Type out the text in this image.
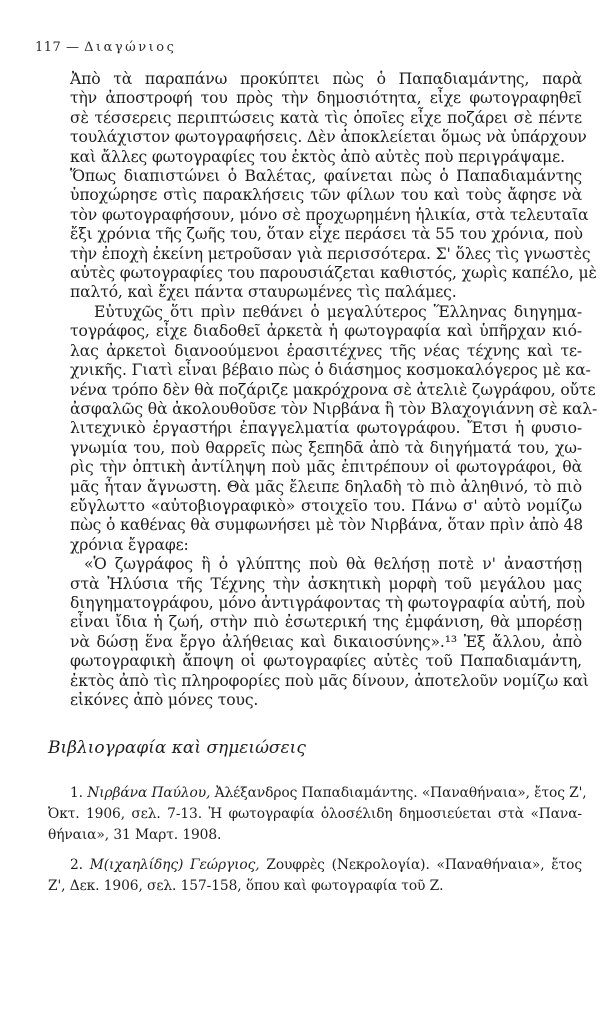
117 — Διαγώνιος
Ἀπὸ τὰ παραπάνω προκύπτει πὼς ὁ Παπαδιαμάντης, παρὰ
τὴν ἀποστροφή του πρὸς τὴν δημοσιότητα, εἶχε φωτογραφηθεῖ
σὲ τέσσερεις περιπτώσεις κατὰ τὶς ὁποῖες εἶχε ποζάρει σὲ πέντε
τουλάχιστον φωτογραφήσεις. Δὲν ἀποκλείεται ὅμως νὰ ὑπάρχουν
καὶ ἄλλες φωτογραφίες του ἐκτὸς ἀπὸ αὐτὲς ποὺ περιγράψαμε.
Ὅπως διαπιστώνει ὁ Βαλέτας, φαίνεται πὼς ὁ Παπαδιαμάντης
ὑποχώρησε στὶς παρακλήσεις τῶν φίλων του καὶ τοὺς ἄφησε νὰ
τὸν φωτογραφήσουν, μόνο σὲ προχωρημένη ἡλικία, στὰ τελευταῖα
ἔξι χρόνια τῆς ζωῆς του, ὅταν εἶχε περάσει τὰ 55 του χρόνια, ποὺ
τὴν ἐποχὴ ἐκείνη μετροῦσαν γιὰ περισσότερα. Σ' ὅλες τὶς γνωστὲς
αὐτὲς φωτογραφίες του παρουσιάζεται καθιστός, χωρὶς καπέλο, μὲ
παλτό, καὶ ἔχει πάντα σταυρωμένες τὶς παλάμες.
Εὐτυχῶς ὅτι πρὶν πεθάνει ὁ μεγαλύτερος Ἕλληνας διηγημα-
τογράφος, εἶχε διαδοθεῖ ἀρκετὰ ἡ φωτογραφία καὶ ὑπῆρχαν κιό-
λας ἀρκετοὶ διανοούμενοι ἐρασιτέχνες τῆς νέας τέχνης καὶ τε-
χνικῆς. Γιατὶ εἶναι βέβαιο πὼς ὁ διάσημος κοσμοκαλόγερος μὲ κα-
νένα τρόπο δὲν θὰ ποζάριζε μακρόχρονα σὲ ἀτελιὲ ζωγράφου, οὔτε
ἀσφαλῶς θὰ ἀκολουθοῦσε τὸν Νιρβάνα ἢ τὸν Βλαχογιάννη σὲ καλ-
λιτεχνικὸ ἐργαστήρι ἐπαγγελματία φωτογράφου. Ἔτσι ἡ φυσιο-
γνωμία του, ποὺ θαρρεῖς πὼς ξεπηδᾶ ἀπὸ τὰ διηγήματά του, χω-
ρὶς τὴν ὀπτικὴ ἀντίληψη ποὺ μᾶς ἐπιτρέπουν οἱ φωτογράφοι, θὰ
μᾶς ἦταν ἄγνωστη. Θὰ μᾶς ἔλειπε δηλαδὴ τὸ πιὸ ἀληθινό, τὸ πιὸ
εὔγλωττο «αὐτοβιογραφικὸ» στοιχεῖο του. Πάνω σ' αὐτὸ νομίζω
πὼς ὁ καθένας θὰ συμφωνήσει μὲ τὸν Νιρβάνα, ὅταν πρὶν ἀπὸ 48
χρόνια ἔγραφε:
«Ὁ ζωγράφος ἢ ὁ γλύπτης ποὺ θὰ θελήσῃ ποτὲ ν' ἀναστήσῃ
στὰ Ἠλύσια τῆς Τέχνης τὴν ἀσκητικὴ μορφὴ τοῦ μεγάλου μας
διηγηματογράφου, μόνο ἀντιγράφοντας τὴ φωτογραφία αὐτή, ποὺ
εἶναι ἴδια ἡ ζωή, στὴν πιὸ ἐσωτερική της ἐμφάνιση, θὰ μπορέσῃ
νὰ δώσῃ ἕνα ἔργο ἀλήθειας καὶ δικαιοσύνης».¹³ Ἐξ ἄλλου, ἀπὸ
φωτογραφικὴ ἄποψη οἱ φωτογραφίες αὐτὲς τοῦ Παπαδιαμάντη,
ἐκτὸς ἀπὸ τὶς πληροφορίες ποὺ μᾶς δίνουν, ἀποτελοῦν νομίζω καὶ
εἰκόνες ἀπὸ μόνες τους.
Βιβλιογραφία καὶ σημειώσεις
1. Νιρβάνα Παύλου, Ἀλέξανδρος Παπαδιαμάντης. «Παναθήναια», ἔτος Ζ',
Ὀκτ. 1906, σελ. 7-13. Ἡ φωτογραφία ὁλοσέλιδη δημοσιεύεται στὰ «Πανα-
θήναια», 31 Μαρτ. 1908.
2. Μ(ιχαηλίδης) Γεώργιος, Ζουφρὲς (Νεκρολογία). «Παναθήναια», ἔτος
Ζ', Δεκ. 1906, σελ. 157-158, ὅπου καὶ φωτογραφία τοῦ Ζ.
